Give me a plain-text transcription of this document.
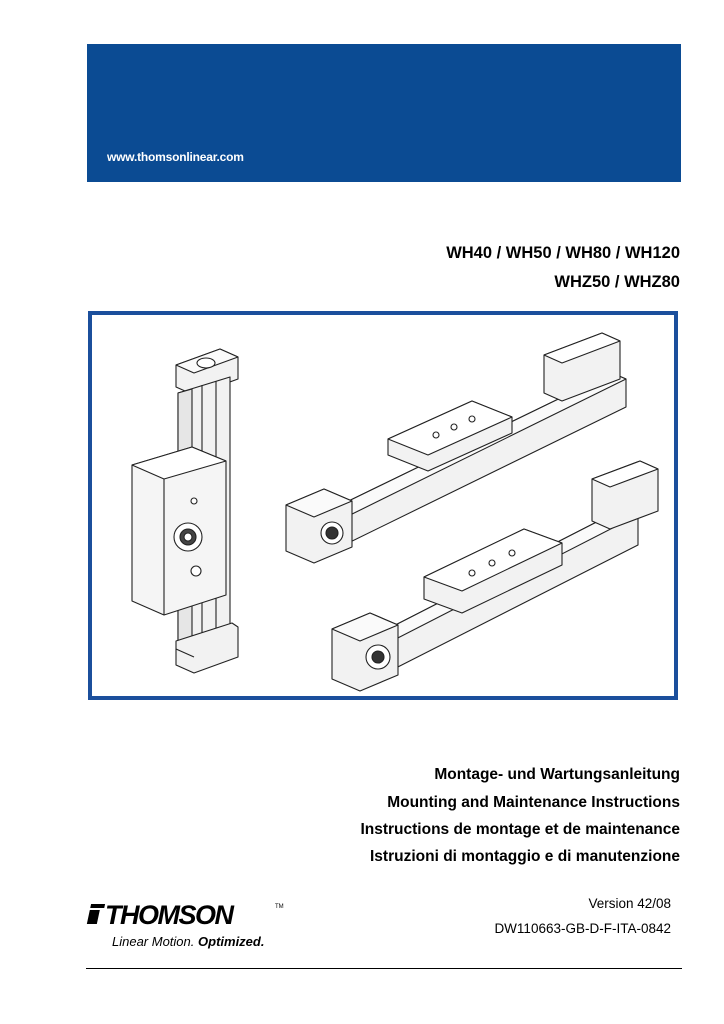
www.thomsonlinear.com
WH40 / WH50 / WH80 / WH120
WHZ50 / WHZ80
Montage- und Wartungsanleitung
Mounting and Maintenance Instructions
Instructions de montage et de maintenance
Istruzioni di montaggio e di manutenzione
THOMSON	TM
Linear Motion. Optimized.
Version 42/08
DW110663-GB-D-F-ITA-0842
